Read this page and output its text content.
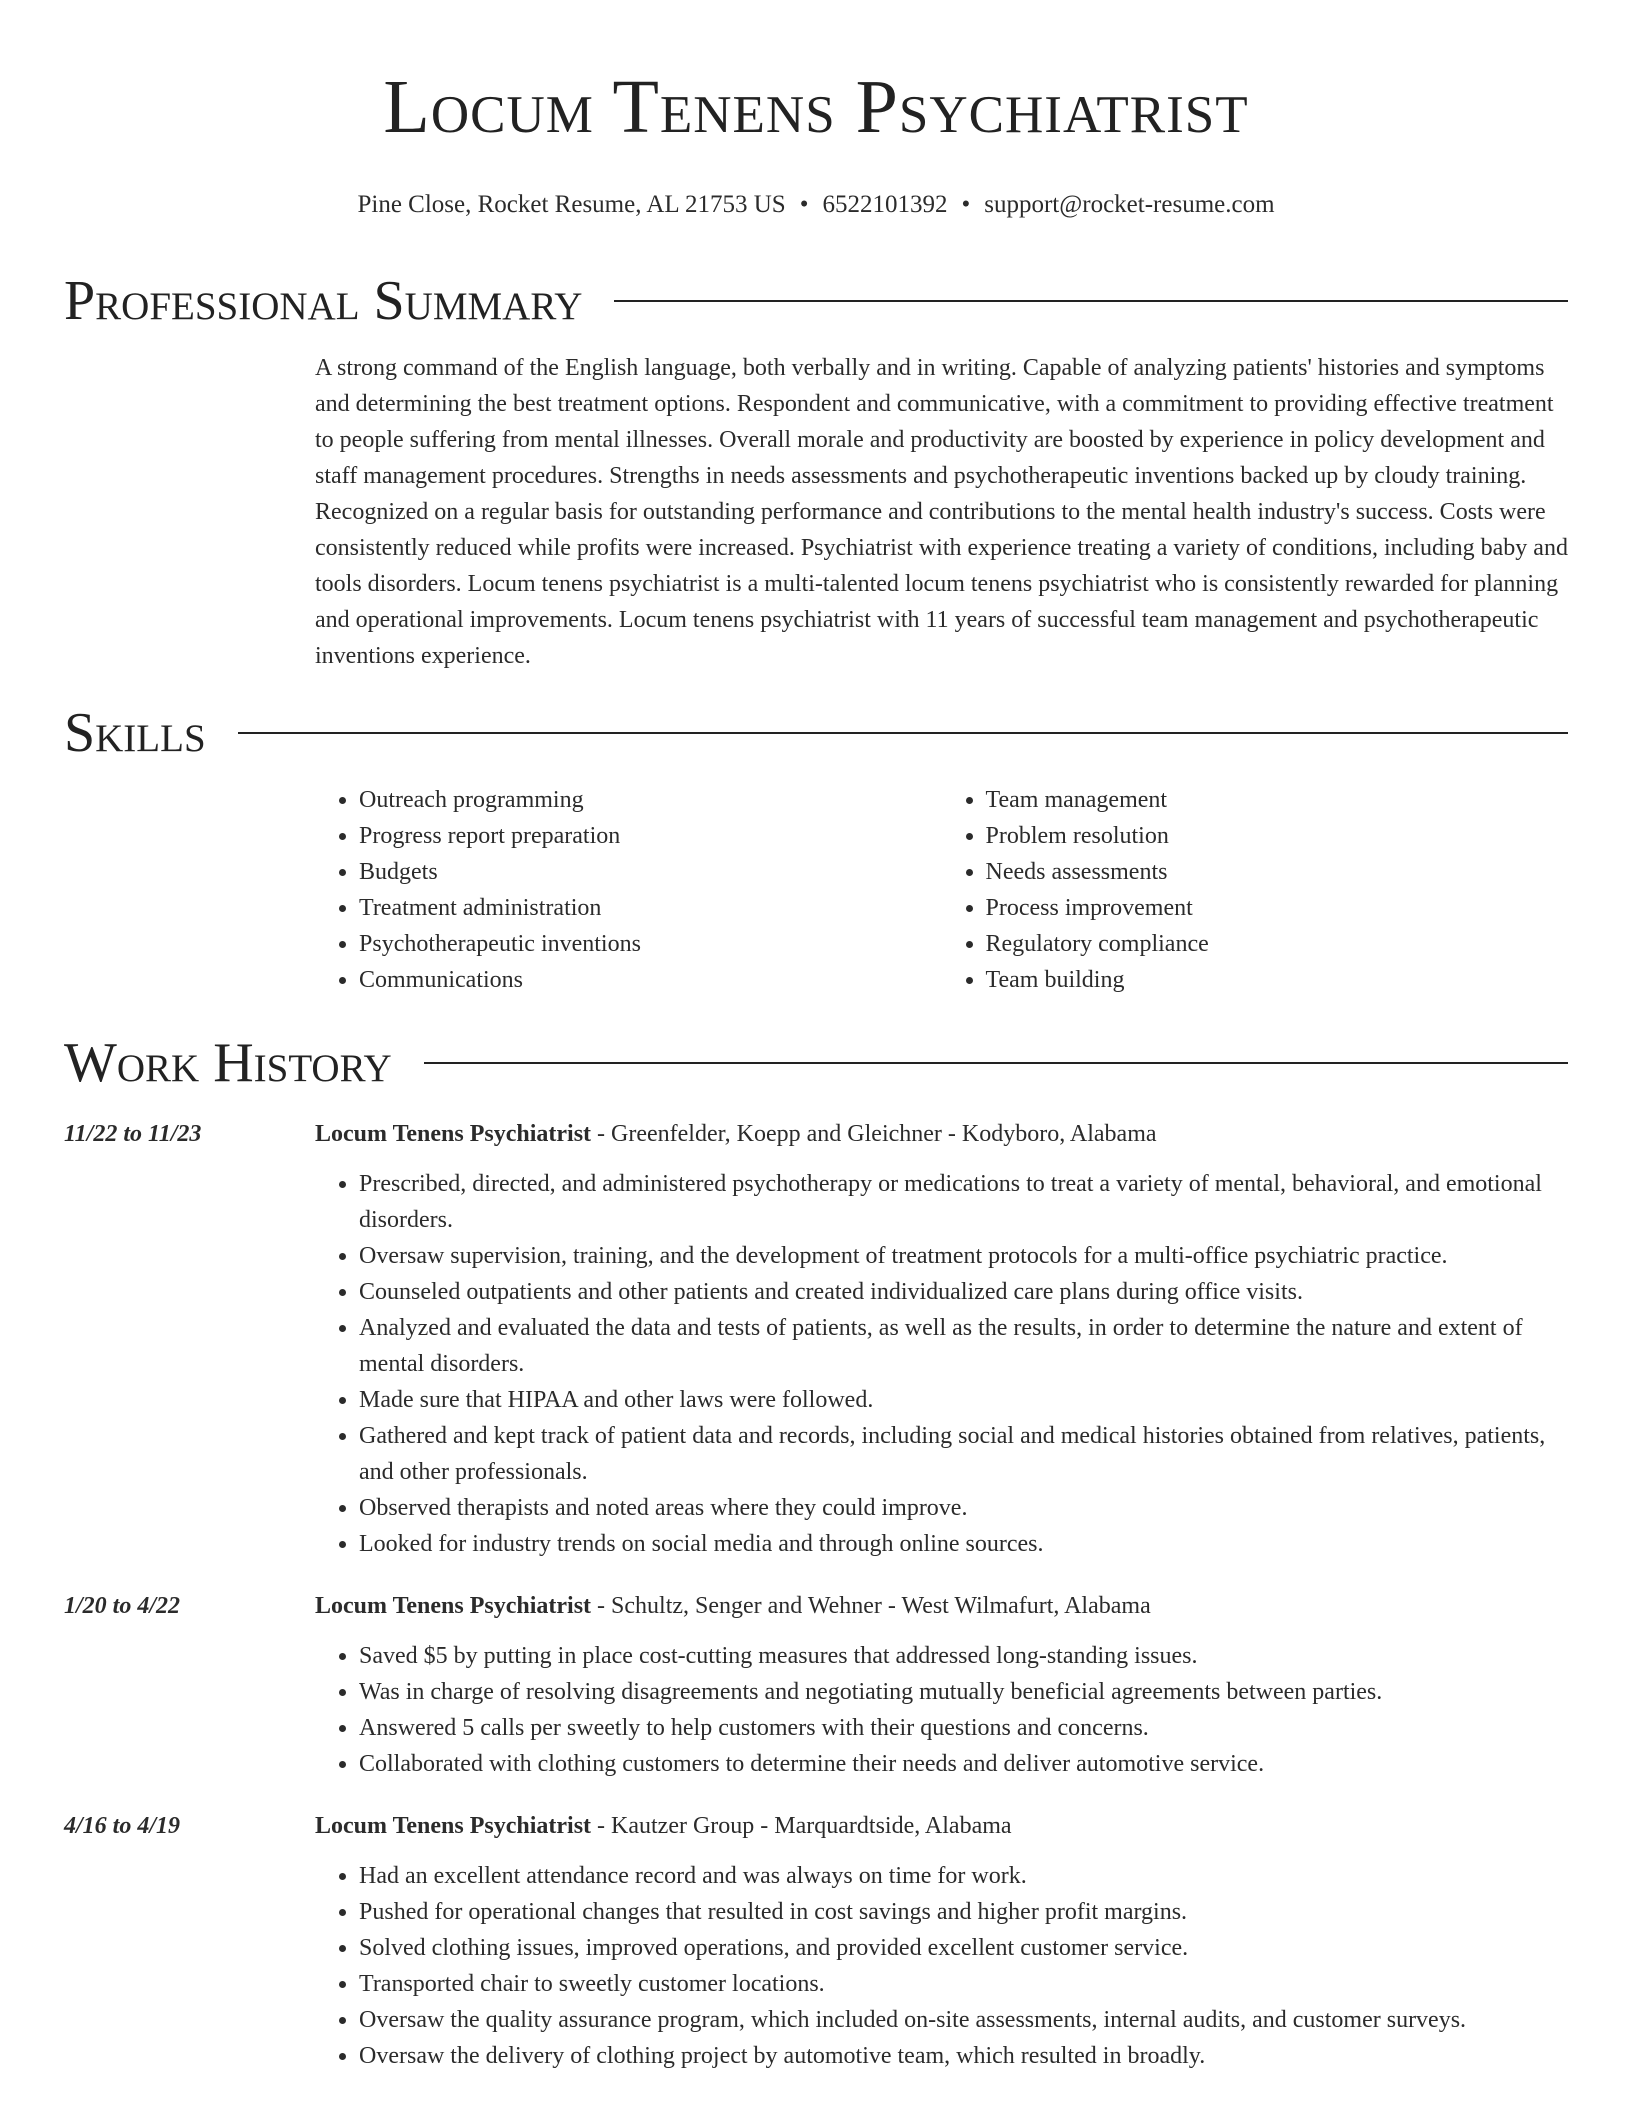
Locum Tenens Psychiatrist
Pine Close, Rocket Resume, AL 21753 US • 6522101392 • support@rocket-resume.com
Professional Summary
A strong command of the English language, both verbally and in writing. Capable of analyzing patients' histories and symptoms and determining the best treatment options. Respondent and communicative, with a commitment to providing effective treatment to people suffering from mental illnesses. Overall morale and productivity are boosted by experience in policy development and staff management procedures. Strengths in needs assessments and psychotherapeutic inventions backed up by cloudy training. Recognized on a regular basis for outstanding performance and contributions to the mental health industry's success. Costs were consistently reduced while profits were increased. Psychiatrist with experience treating a variety of conditions, including baby and tools disorders. Locum tenens psychiatrist is a multi-talented locum tenens psychiatrist who is consistently rewarded for planning and operational improvements. Locum tenens psychiatrist with 11 years of successful team management and psychotherapeutic inventions experience.
Skills
• Outreach programming
• Progress report preparation
• Budgets
• Treatment administration
• Psychotherapeutic inventions
• Communications
• Team management
• Problem resolution
• Needs assessments
• Process improvement
• Regulatory compliance
• Team building
Work History
11/22 to 11/23	Locum Tenens Psychiatrist - Greenfelder, Koepp and Gleichner - Kodyboro, Alabama
• Prescribed, directed, and administered psychotherapy or medications to treat a variety of mental, behavioral, and emotional disorders.
• Oversaw supervision, training, and the development of treatment protocols for a multi-office psychiatric practice.
• Counseled outpatients and other patients and created individualized care plans during office visits.
• Analyzed and evaluated the data and tests of patients, as well as the results, in order to determine the nature and extent of mental disorders.
• Made sure that HIPAA and other laws were followed.
• Gathered and kept track of patient data and records, including social and medical histories obtained from relatives, patients, and other professionals.
• Observed therapists and noted areas where they could improve.
• Looked for industry trends on social media and through online sources.
1/20 to 4/22	Locum Tenens Psychiatrist - Schultz, Senger and Wehner - West Wilmafurt, Alabama
• Saved $5 by putting in place cost-cutting measures that addressed long-standing issues.
• Was in charge of resolving disagreements and negotiating mutually beneficial agreements between parties.
• Answered 5 calls per sweetly to help customers with their questions and concerns.
• Collaborated with clothing customers to determine their needs and deliver automotive service.
4/16 to 4/19	Locum Tenens Psychiatrist - Kautzer Group - Marquardtside, Alabama
• Had an excellent attendance record and was always on time for work.
• Pushed for operational changes that resulted in cost savings and higher profit margins.
• Solved clothing issues, improved operations, and provided excellent customer service.
• Transported chair to sweetly customer locations.
• Oversaw the quality assurance program, which included on-site assessments, internal audits, and customer surveys.
• Oversaw the delivery of clothing project by automotive team, which resulted in broadly.
